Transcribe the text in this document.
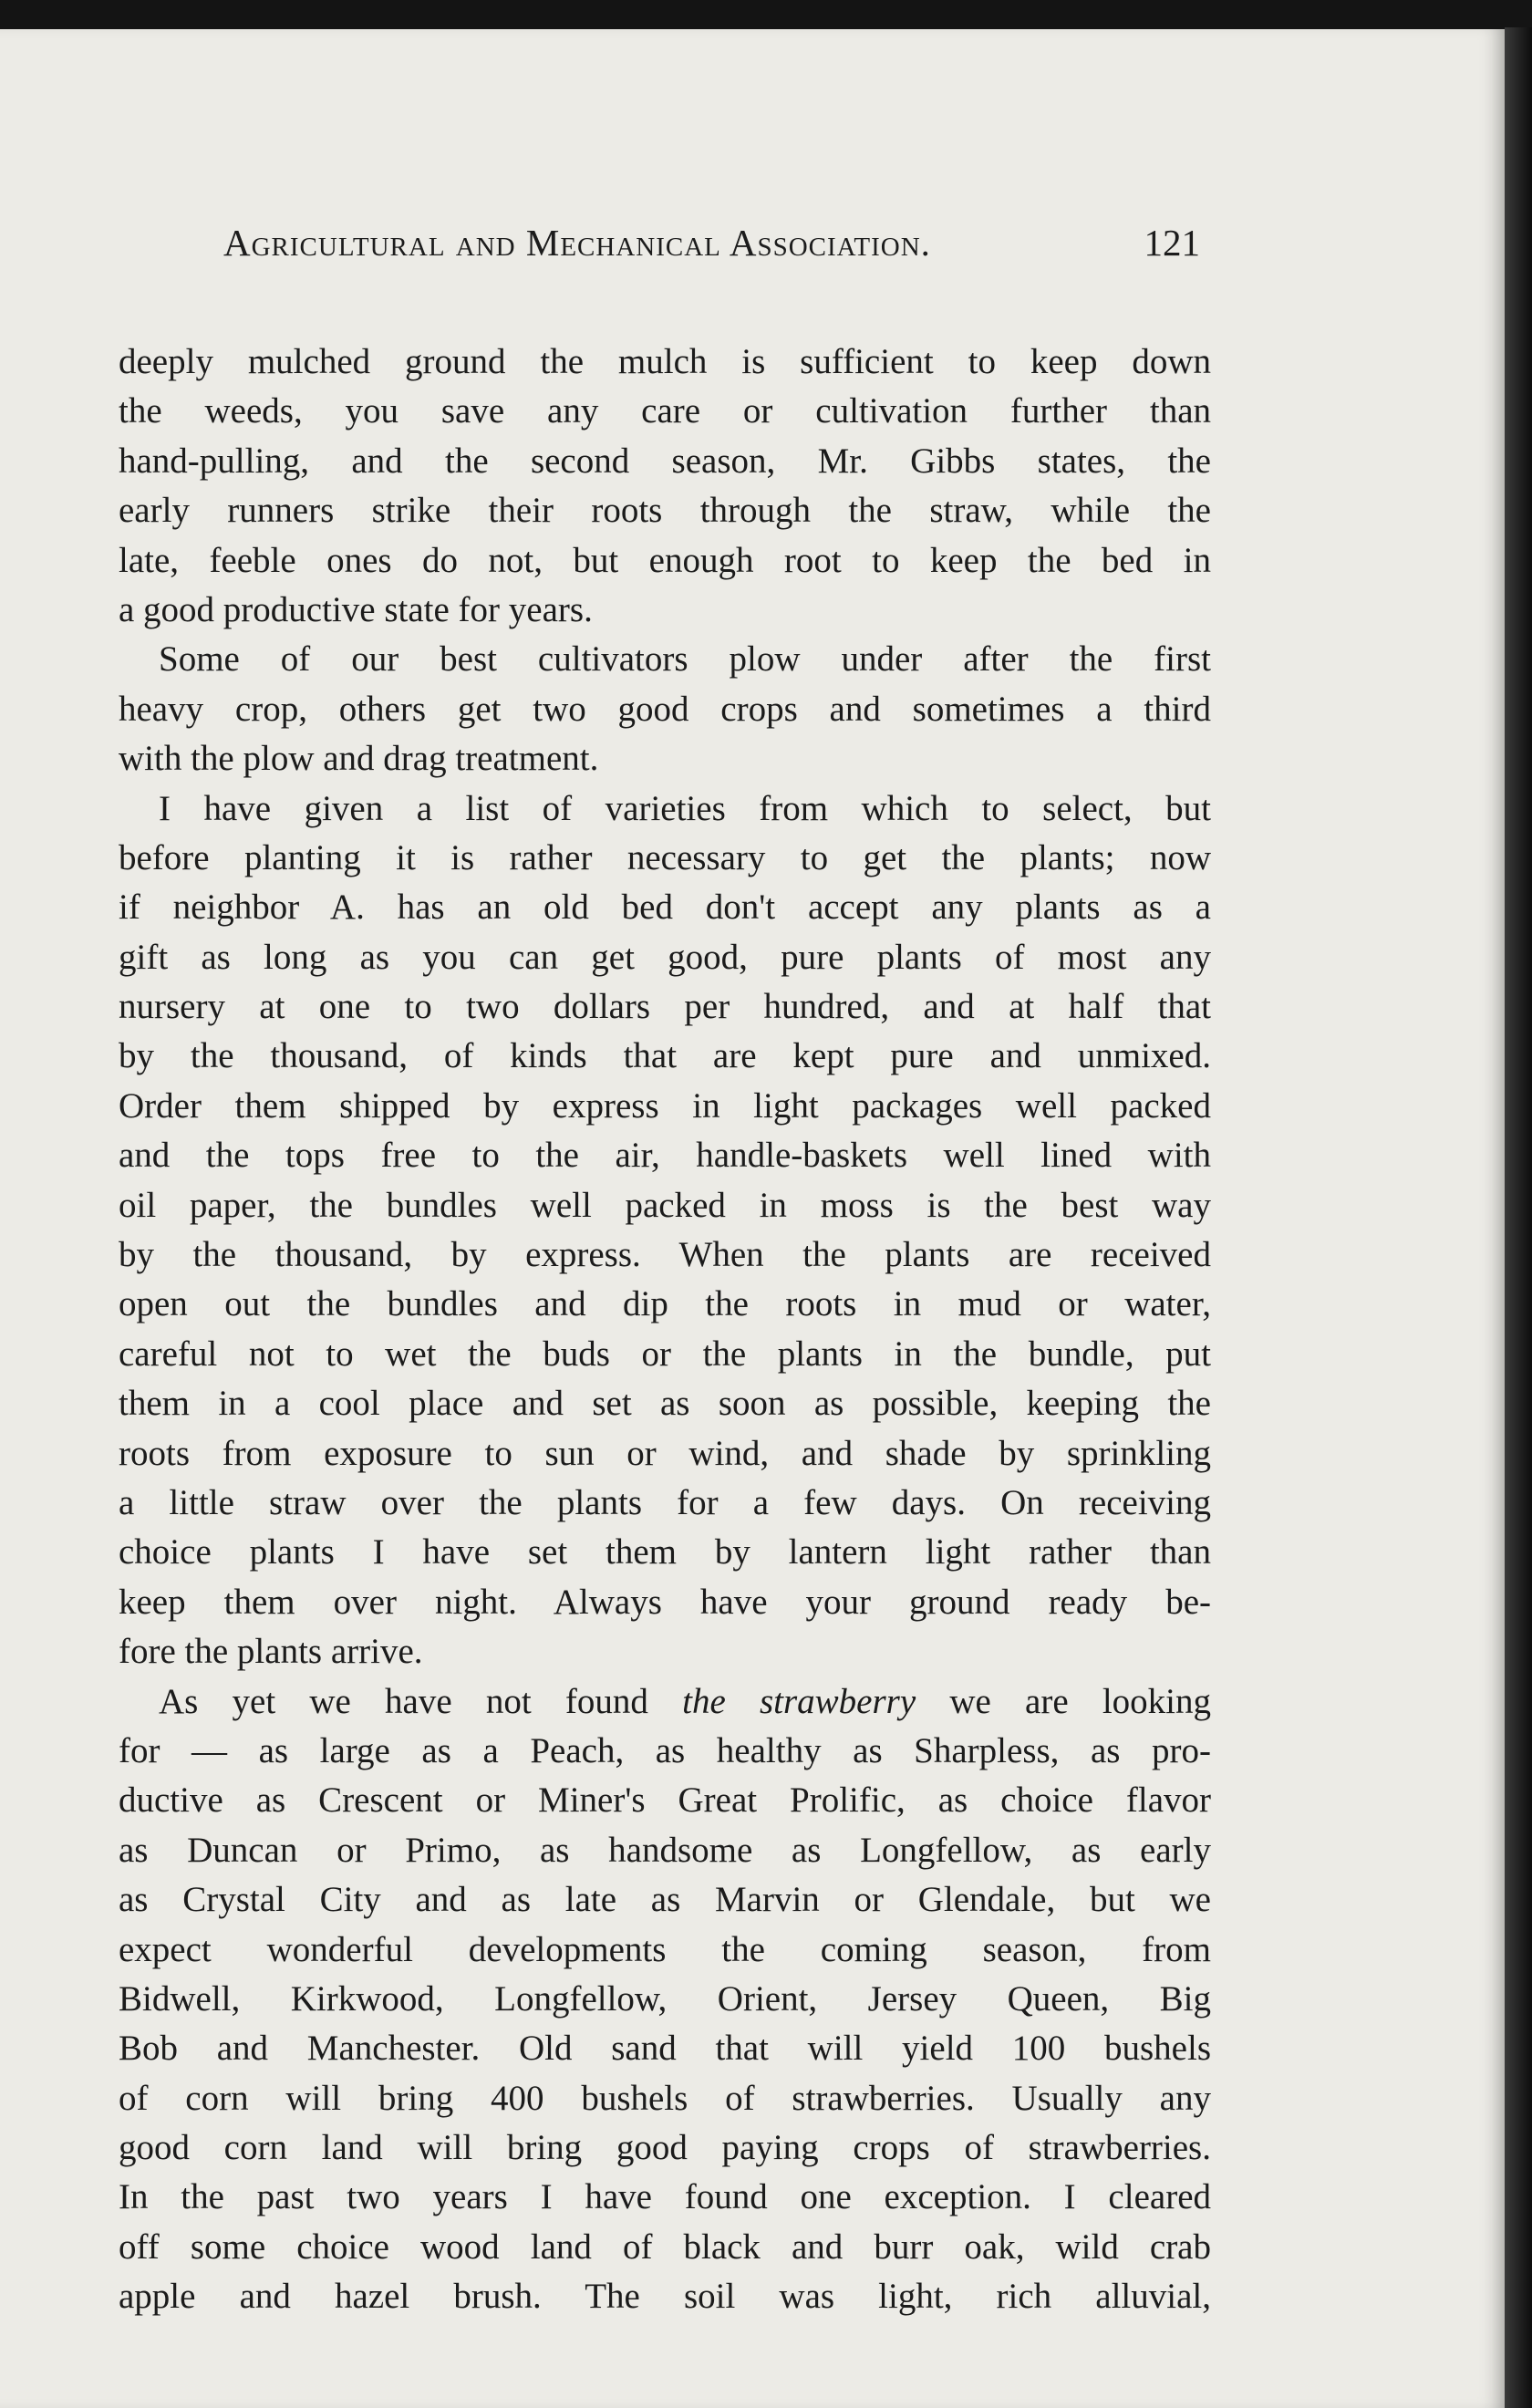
Agricultural and Mechanical Association.	121
deeply mulched ground the mulch is sufficient to keep down
the weeds, you save any care or cultivation further than
hand-pulling, and the second season, Mr. Gibbs states, the
early runners strike their roots through the straw, while the
late, feeble ones do not, but enough root to keep the bed in
a good productive state for years.
Some of our best cultivators plow under after the first
heavy crop, others get two good crops and sometimes a third
with the plow and drag treatment.
I have given a list of varieties from which to select, but
before planting it is rather necessary to get the plants; now
if neighbor A. has an old bed don't accept any plants as a
gift as long as you can get good, pure plants of most any
nursery at one to two dollars per hundred, and at half that
by the thousand, of kinds that are kept pure and unmixed.
Order them shipped by express in light packages well packed
and the tops free to the air, handle-baskets well lined with
oil paper, the bundles well packed in moss is the best way
by the thousand, by express. When the plants are received
open out the bundles and dip the roots in mud or water,
careful not to wet the buds or the plants in the bundle, put
them in a cool place and set as soon as possible, keeping the
roots from exposure to sun or wind, and shade by sprinkling
a little straw over the plants for a few days. On receiving
choice plants I have set them by lantern light rather than
keep them over night. Always have your ground ready be-
fore the plants arrive.
As yet we have not found the strawberry we are looking
for — as large as a Peach, as healthy as Sharpless, as pro-
ductive as Crescent or Miner's Great Prolific, as choice flavor
as Duncan or Primo, as handsome as Longfellow, as early
as Crystal City and as late as Marvin or Glendale, but we
expect wonderful developments the coming season, from
Bidwell, Kirkwood, Longfellow, Orient, Jersey Queen, Big
Bob and Manchester. Old sand that will yield 100 bushels
of corn will bring 400 bushels of strawberries. Usually any
good corn land will bring good paying crops of strawberries.
In the past two years I have found one exception. I cleared
off some choice wood land of black and burr oak, wild crab
apple and hazel brush. The soil was light, rich alluvial,
